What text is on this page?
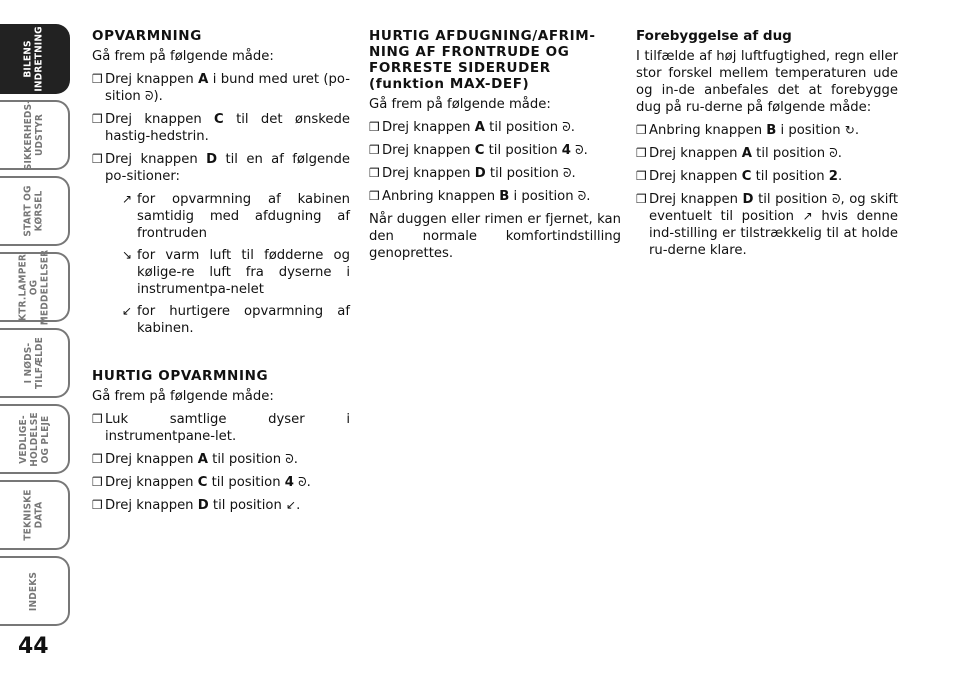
BILENS
INDRETNING
SIKKERHEDS-
UDSTYR
START OG
KØRSEL
KTR.LAMPER
OG
MEDDELELSER
I NØDS-
TILFÆLDE
VEDLIGE-
HOLDELSE
OG PLEJE
TEKNISKE
DATA
INDEKS
44
OPVARMNING

Gå frem på følgende måde:

❒ Drej knappen A i bund med uret (po-sition ᘐ).
❒ Drej knappen C til det ønskede hastig-hedstrin.
❒ Drej knappen D til en af følgende po-sitioner:
↗ for opvarmning af kabinen samtidig med afdugning af frontruden
↘ for varm luft til fødderne og kølige-re luft fra dyserne i instrumentpa-nelet
↙ for hurtigere opvarmning af kabinen.
HURTIG OPVARMNING

Gå frem på følgende måde:

❒ Luk samtlige dyser i instrumentpane-let.
❒ Drej knappen A til position ᘐ.
❒ Drej knappen C til position 4 ᘐ.
❒ Drej knappen D til position ↙.
HURTIG AFDUGNING/AFRIM-NING AF FRONTRUDE OG FORRESTE SIDERUDER (funktion MAX-DEF)

Gå frem på følgende måde:

❒ Drej knappen A til position ᘐ.
❒ Drej knappen C til position 4 ᘐ.
❒ Drej knappen D til position ᘐ.
❒ Anbring knappen B i position ᘐ.

Når duggen eller rimen er fjernet, kan den normale komfortindstilling genoprettes.

Forebyggelse af dug

I tilfælde af høj luftfugtighed, regn eller stor forskel mellem temperaturen ude og in-de anbefales det at forebygge dug på ru-derne på følgende måde:

❒ Anbring knappen B i position ↻.
❒ Drej knappen A til position ᘐ.
❒ Drej knappen C til position 2.
❒ Drej knappen D til position ᘐ, og skift eventuelt til position ↗ hvis denne ind-stilling er tilstrækkelig til at holde ru-derne klare.
